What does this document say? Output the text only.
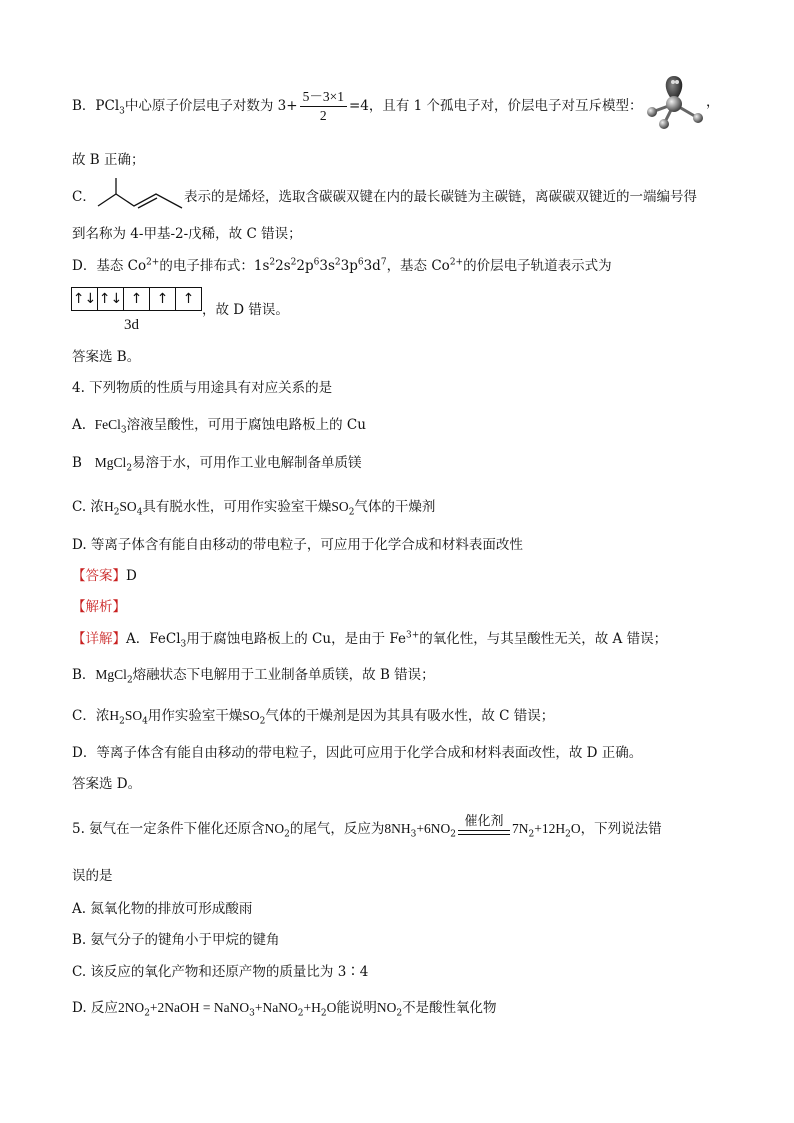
B．PCl$_3$中心原子价层电子对数为 $3+ \frac{5-3\times 1}{2} =4$，且有 1 个孤电子对，价层电子对互斥模型：	，
故 B 正确；
C．	表示的是烯烃，选取含碳碳双键在内的最长碳链为主碳链，离碳碳双键近的一端编号得
到名称为 4-甲基-2-戊稀，故 C 错误；
D．基态 $Co^{2+}$的电子排布式：$1s^22s^22p^63s^23p^63d^7$，基态 $Co^{2+}$的价层电子轨道表示式为
↑↓ ↑↓ ↑	↑	↑
，故 D 错误。
3d
答案选 B。
4. 下列物质的性质与用途具有对应关系的是
A. FeCl$_3$溶液呈酸性，可用于腐蚀电路板上的 Cu
B MgCl$_2$易溶于水，可用作工业电解制备单质镁
C. 浓$H_2SO_4$具有脱水性，可用作实验室干燥$SO_2$气体的干燥剂
D. 等离子体含有能自由移动的带电粒子，可应用于化学合成和材料表面改性
【答案】D
【解析】
【详解】A．FeCl$_3$用于腐蚀电路板上的 Cu，是由于 $Fe^{3+}$的氧化性，与其呈酸性无关，故 A 错误；
B．MgCl$_2$熔融状态下电解用于工业制备单质镁，故 B 错误；
C．浓$H_2SO_4$用作实验室干燥$SO_2$气体的干燥剂是因为其具有吸水性，故 C 错误；
D．等离子体含有能自由移动的带电粒子，因此可应用于化学合成和材料表面改性，故 D 正确。
答案选 D。
5. 氨气在一定条件下催化还原含$NO_2$的尾气，反应为$8NH_3+6NO_2$
催化剂 $7N_2+12H_2O$，下列说法错
误的是
A. 氮氧化物的排放可形成酸雨
B. 氨气分子的键角小于甲烷的键角
C. 该反应的氧化产物和还原产物的质量比为 3∶4
D. 反应$2NO_2+2NaOH$ = $NaNO_3+NaNO_2+H_2O$能说明$NO_2$不是酸性氧化物
